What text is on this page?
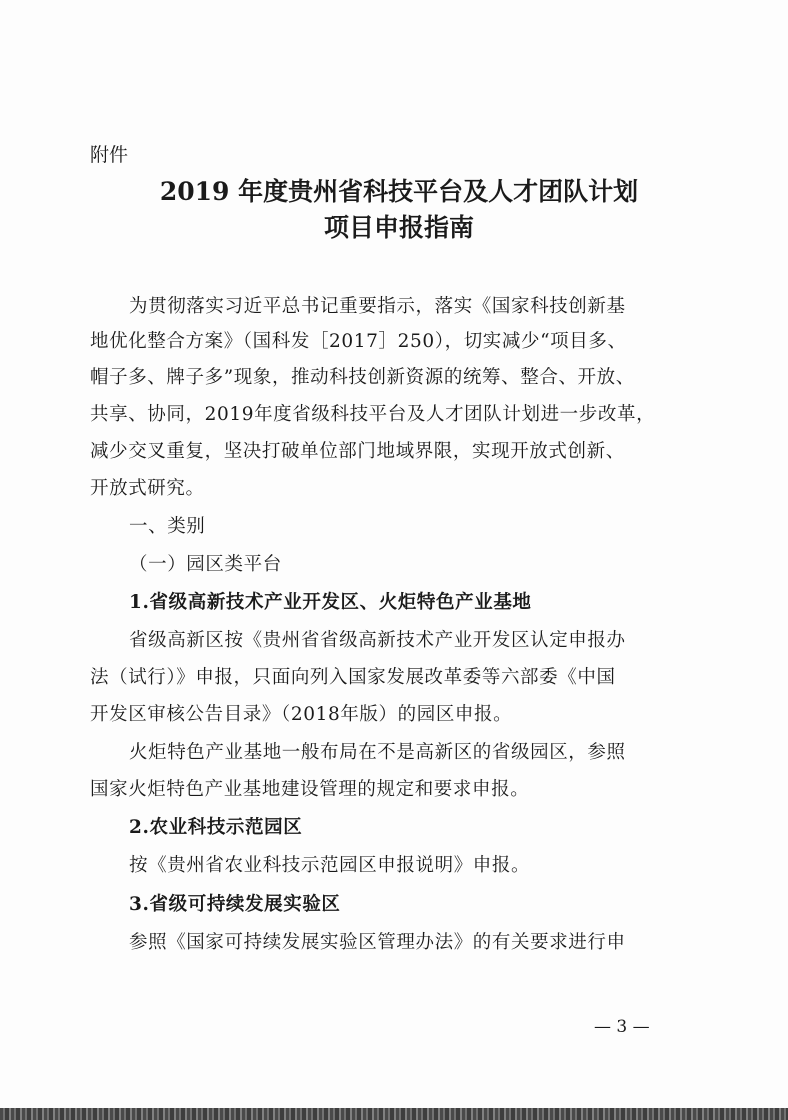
附件
2019 年度贵州省科技平台及人才团队计划
项目申报指南
为贯彻落实习近平总书记重要指示，落实《国家科技创新基
地优化整合方案》（国科发［2017］250），切实减少“项目多、
帽子多、牌子多”现象，推动科技创新资源的统筹、整合、开放、
共享、协同，2019年度省级科技平台及人才团队计划进一步改革，
减少交叉重复，坚决打破单位部门地域界限，实现开放式创新、
开放式研究。
一、类别
（一）园区类平台
1.省级高新技术产业开发区、火炬特色产业基地
省级高新区按《贵州省省级高新技术产业开发区认定申报办
法（试行）》申报，只面向列入国家发展改革委等六部委《中国
开发区审核公告目录》（2018年版）的园区申报。
火炬特色产业基地一般布局在不是高新区的省级园区，参照
国家火炬特色产业基地建设管理的规定和要求申报。
2.农业科技示范园区
按《贵州省农业科技示范园区申报说明》申报。
3.省级可持续发展实验区
参照《国家可持续发展实验区管理办法》的有关要求进行申
— 3 —
